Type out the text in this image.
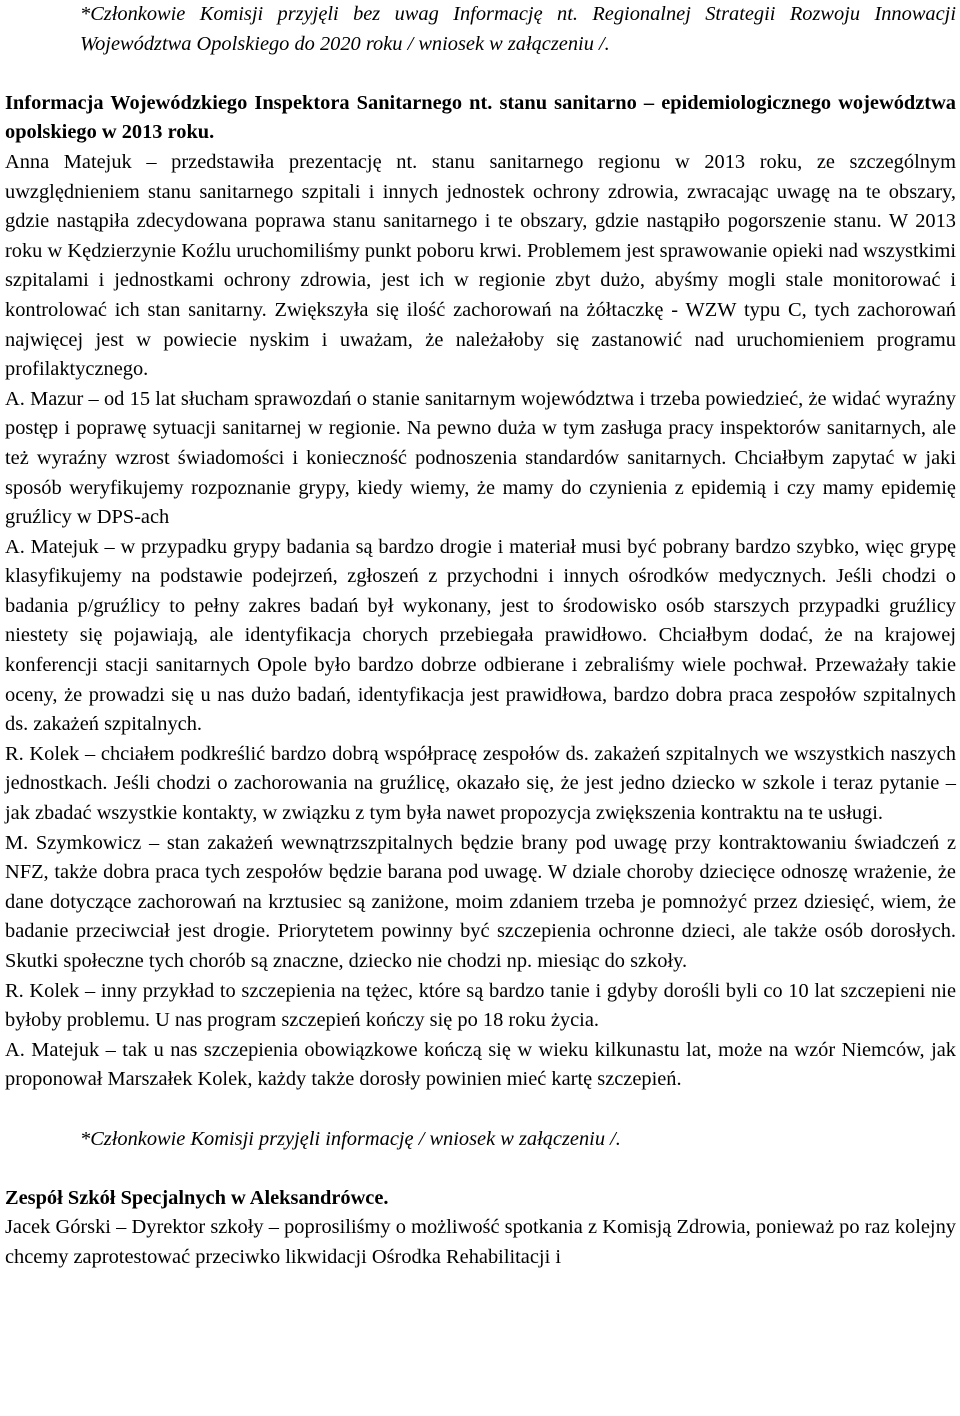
*Członkowie Komisji przyjęli bez uwag Informację nt. Regionalnej Strategii Rozwoju Innowacji Województwa Opolskiego do 2020 roku / wniosek w załączeniu /.

Informacja Wojewódzkiego Inspektora Sanitarnego nt. stanu sanitarno – epidemiologicznego województwa opolskiego w 2013 roku.

Anna Matejuk – przedstawiła prezentację nt. stanu sanitarnego regionu w 2013 roku, ze szczególnym uwzględnieniem stanu sanitarnego szpitali i innych jednostek ochrony zdrowia, zwracając uwagę na te obszary, gdzie nastąpiła zdecydowana poprawa stanu sanitarnego i te obszary, gdzie nastąpiło pogorszenie stanu. W 2013 roku w Kędzierzynie Koźlu uruchomiliśmy punkt poboru krwi. Problemem jest sprawowanie opieki nad wszystkimi szpitalami i jednostkami ochrony zdrowia, jest ich w regionie zbyt dużo, abyśmy mogli stale monitorować i kontrolować ich stan sanitarny. Zwiększyła się ilość zachorowań na żółtaczkę - WZW typu C, tych zachorowań najwięcej jest w powiecie nyskim i uważam, że należałoby się zastanowić nad uruchomieniem programu profilaktycznego.

A. Mazur – od 15 lat słucham sprawozdań o stanie sanitarnym województwa i trzeba powiedzieć, że widać wyraźny postęp i poprawę sytuacji sanitarnej w regionie. Na pewno duża w tym zasługa pracy inspektorów sanitarnych, ale też wyraźny wzrost świadomości i konieczność podnoszenia standardów sanitarnych. Chciałbym zapytać w jaki sposób weryfikujemy rozpoznanie grypy, kiedy wiemy, że mamy do czynienia z epidemią i czy mamy epidemię gruźlicy w DPS-ach

A. Matejuk – w przypadku grypy badania są bardzo drogie i materiał musi być pobrany bardzo szybko, więc grypę klasyfikujemy na podstawie podejrzeń, zgłoszeń z przychodni i innych ośrodków medycznych. Jeśli chodzi o badania p/gruźlicy to pełny zakres badań był wykonany, jest to środowisko osób starszych przypadki gruźlicy niestety się pojawiają, ale identyfikacja chorych przebiegała prawidłowo. Chciałbym dodać, że na krajowej konferencji stacji sanitarnych Opole było bardzo dobrze odbierane i zebraliśmy wiele pochwał. Przeważały takie oceny, że prowadzi się u nas dużo badań, identyfikacja jest prawidłowa, bardzo dobra praca zespołów szpitalnych ds. zakażeń szpitalnych.

R. Kolek – chciałem podkreślić bardzo dobrą współpracę zespołów ds. zakażeń szpitalnych we wszystkich naszych jednostkach. Jeśli chodzi o zachorowania na gruźlicę, okazało się, że jest jedno dziecko w szkole i teraz pytanie – jak zbadać wszystkie kontakty, w związku z tym była nawet propozycja zwiększenia kontraktu na te usługi.

M. Szymkowicz – stan zakażeń wewnątrzszpitalnych będzie brany pod uwagę przy kontraktowaniu świadczeń z NFZ, także dobra praca tych zespołów będzie barana pod uwagę. W dziale choroby dziecięce odnoszę wrażenie, że dane dotyczące zachorowań na krztusiec są zaniżone, moim zdaniem trzeba je pomnożyć przez dziesięć, wiem, że badanie przeciwciał jest drogie. Priorytetem powinny być szczepienia ochronne dzieci, ale także osób dorosłych. Skutki społeczne tych chorób są znaczne, dziecko nie chodzi np. miesiąc do szkoły.

R. Kolek – inny przykład to szczepienia na tężec, które są bardzo tanie i gdyby dorośli byli co 10 lat szczepieni nie byłoby problemu. U nas program szczepień kończy się po 18 roku życia.

A. Matejuk – tak u nas szczepienia obowiązkowe kończą się w wieku kilkunastu lat, może na wzór Niemców, jak proponował Marszałek Kolek, każdy także dorosły powinien mieć kartę szczepień.

*Członkowie Komisji przyjęli informację / wniosek w załączeniu /.

Zespół Szkół Specjalnych w Aleksandrówce.

Jacek Górski – Dyrektor szkoły – poprosiliśmy o możliwość spotkania z Komisją Zdrowia, ponieważ po raz kolejny chcemy zaprotestować przeciwko likwidacji Ośrodka Rehabilitacji i
